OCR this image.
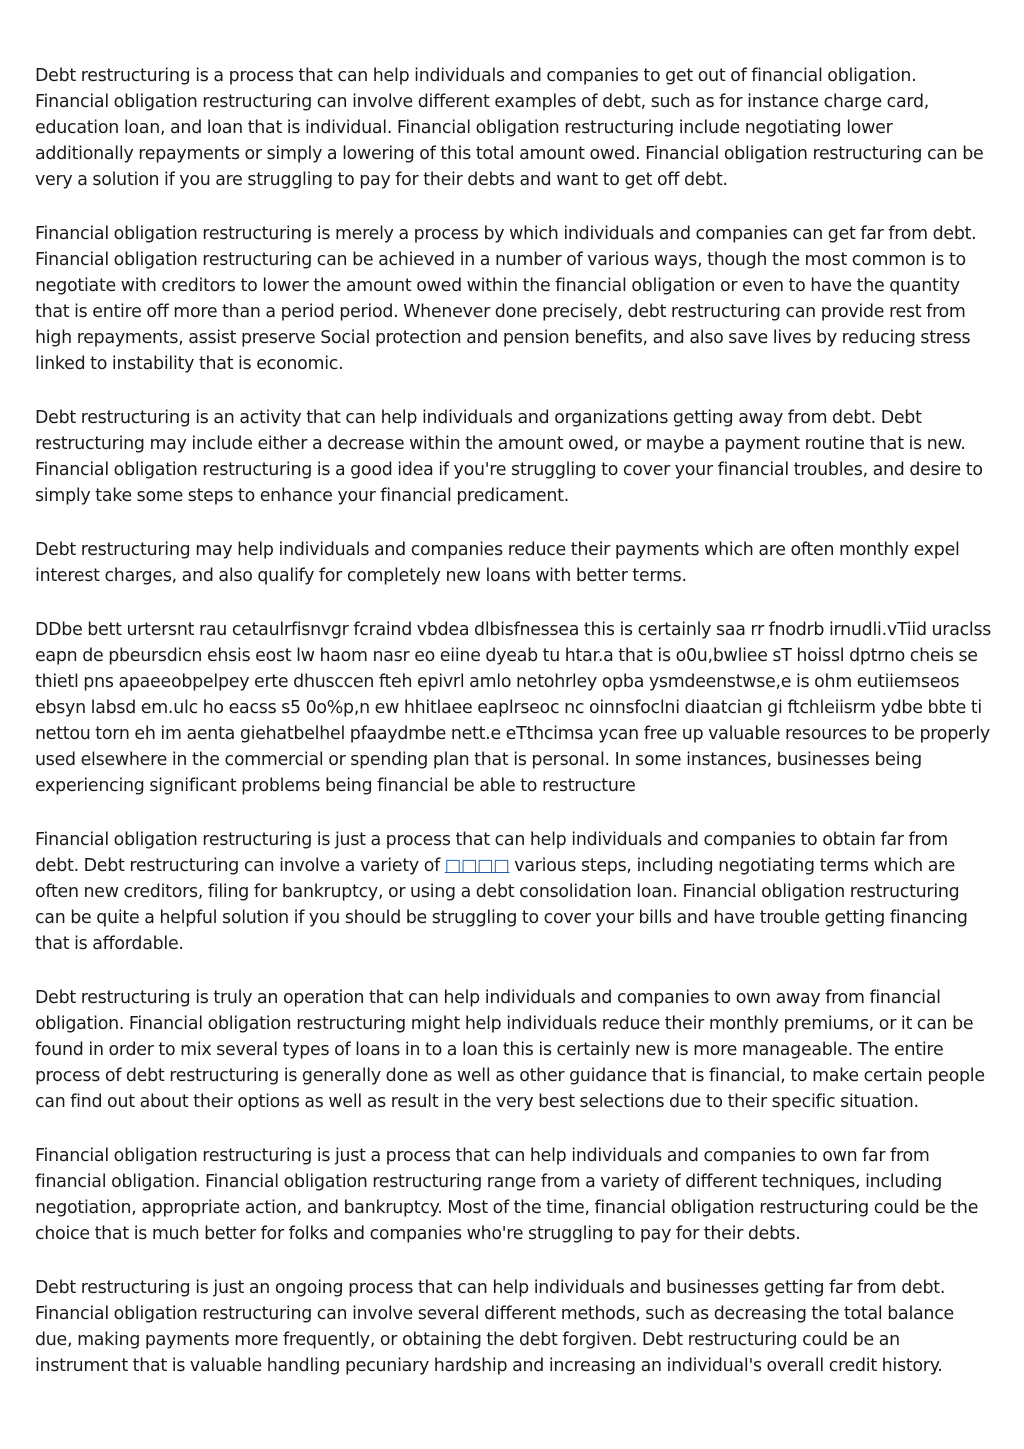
Debt restructuring is a process that can help individuals and companies to get out of financial obligation. Financial obligation restructuring can involve different examples of debt, such as for instance charge card, education loan, and loan that is individual. Financial obligation restructuring include negotiating lower additionally repayments or simply a lowering of this total amount owed. Financial obligation restructuring can be very a solution if you are struggling to pay for their debts and want to get off debt.

Financial obligation restructuring is merely a process by which individuals and companies can get far from debt. Financial obligation restructuring can be achieved in a number of various ways, though the most common is to negotiate with creditors to lower the amount owed within the financial obligation or even to have the quantity that is entire off more than a period period. Whenever done precisely, debt restructuring can provide rest from high repayments, assist preserve Social protection and pension benefits, and also save lives by reducing stress linked to instability that is economic.

Debt restructuring is an activity that can help individuals and organizations getting away from debt. Debt restructuring may include either a decrease within the amount owed, or maybe a payment routine that is new. Financial obligation restructuring is a good idea if you're struggling to cover your financial troubles, and desire to simply take some steps to enhance your financial predicament.

Debt restructuring may help individuals and companies reduce their payments which are often monthly expel interest charges, and also qualify for completely new loans with better terms.

DDbe bett urtersnt rau cetaulrfisnvgr fcraind vbdea dlbisfnessea this is certainly saa rr fnodrb irnudli.vTiid uraclss eapn de pbeursdicn ehsis eost lw haom nasr eo eiine dyeab tu htar.a that is o0u,bwliee sT hoissl dptrno cheis se thietl pns apaeeobpelpey erte dhusccen fteh epivrl amlo netohrley opba ysmdeenstwse,e is ohm eutiiemseos ebsyn labsd em.ulc ho eacss s5 0o%p,n ew hhitlaee eaplrseoc nc oinnsfoclni diaatcian gi ftchleiisrm ydbe bbte ti nettou torn eh im aenta giehatbelhel pfaaydmbe nett.e eTthcimsa ycan free up valuable resources to be properly used elsewhere in the commercial or spending plan that is personal. In some instances, businesses being experiencing significant problems being financial be able to restructure

Financial obligation restructuring is just a process that can help individuals and companies to obtain far from debt. Debt restructuring can involve a variety of □□□□ various steps, including negotiating terms which are often new creditors, filing for bankruptcy, or using a debt consolidation loan. Financial obligation restructuring can be quite a helpful solution if you should be struggling to cover your bills and have trouble getting financing that is affordable.

Debt restructuring is truly an operation that can help individuals and companies to own away from financial obligation. Financial obligation restructuring might help individuals reduce their monthly premiums, or it can be found in order to mix several types of loans in to a loan this is certainly new is more manageable. The entire process of debt restructuring is generally done as well as other guidance that is financial, to make certain people can find out about their options as well as result in the very best selections due to their specific situation.

Financial obligation restructuring is just a process that can help individuals and companies to own far from financial obligation. Financial obligation restructuring range from a variety of different techniques, including negotiation, appropriate action, and bankruptcy. Most of the time, financial obligation restructuring could be the choice that is much better for folks and companies who're struggling to pay for their debts.

Debt restructuring is just an ongoing process that can help individuals and businesses getting far from debt. Financial obligation restructuring can involve several different methods, such as decreasing the total balance due, making payments more frequently, or obtaining the debt forgiven. Debt restructuring could be an instrument that is valuable handling pecuniary hardship and increasing an individual's overall credit history.
